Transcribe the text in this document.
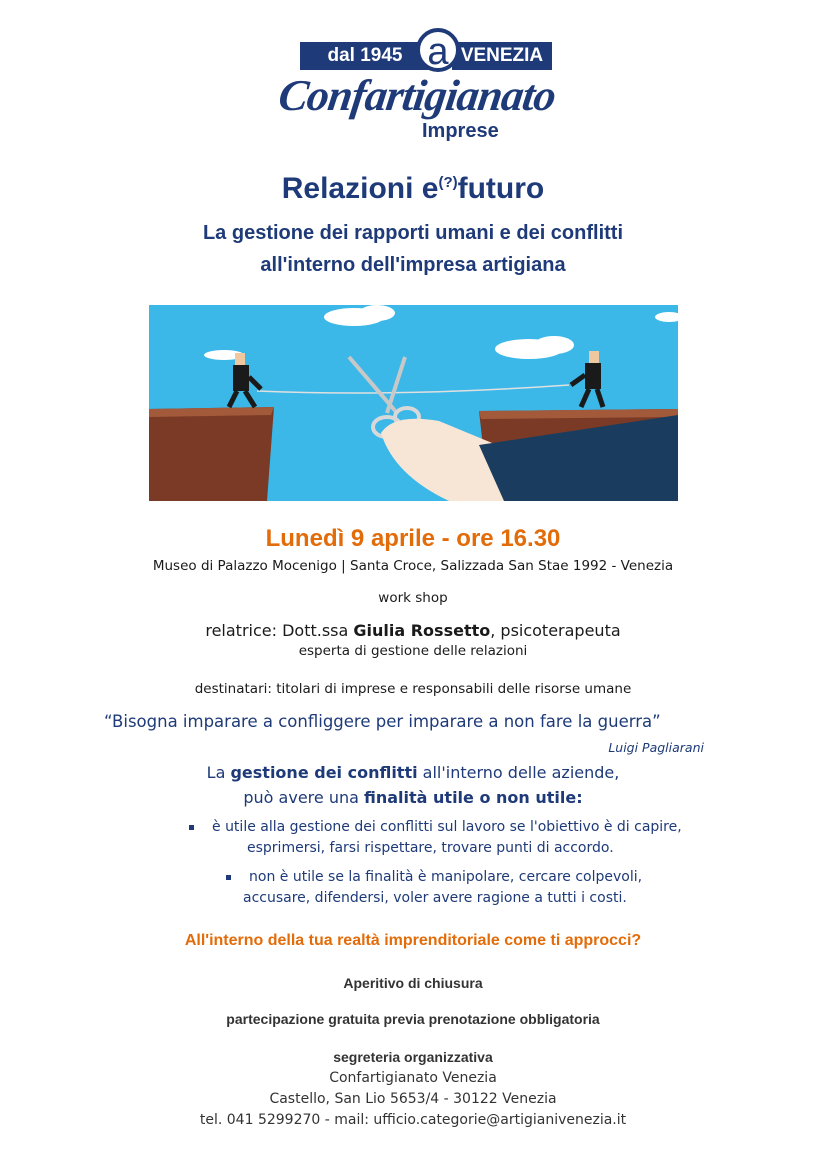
dal 1945	VENEZIA
a
Confartigianato
Imprese
Relazioni e(?)futuro
La gestione dei rapporti umani e dei conflitti
all'interno dell'impresa artigiana
Lunedì 9 aprile - ore 16.30
Museo di Palazzo Mocenigo | Santa Croce, Salizzada San Stae 1992 - Venezia
work shop
relatrice: Dott.ssa Giulia Rossetto, psicoterapeuta
esperta di gestione delle relazioni
destinatari: titolari di imprese e responsabili delle risorse umane
“Bisogna imparare a confliggere per imparare a non fare la guerra”
Luigi Pagliarani
La gestione dei conflitti all'interno delle aziende,
può avere una finalità utile o non utile:
è utile alla gestione dei conflitti sul lavoro se l'obiettivo è di capire,
esprimersi, farsi rispettare, trovare punti di accordo.
non è utile se la finalità è manipolare, cercare colpevoli,
accusare, difendersi, voler avere ragione a tutti i costi.
All'interno della tua realtà imprenditoriale come ti approcci?
Aperitivo di chiusura
partecipazione gratuita previa prenotazione obbligatoria
segreteria organizzativa
Confartigianato Venezia
Castello, San Lio 5653/4 - 30122 Venezia
tel. 041 5299270 - mail: ufficio.categorie@artigianivenezia.it
